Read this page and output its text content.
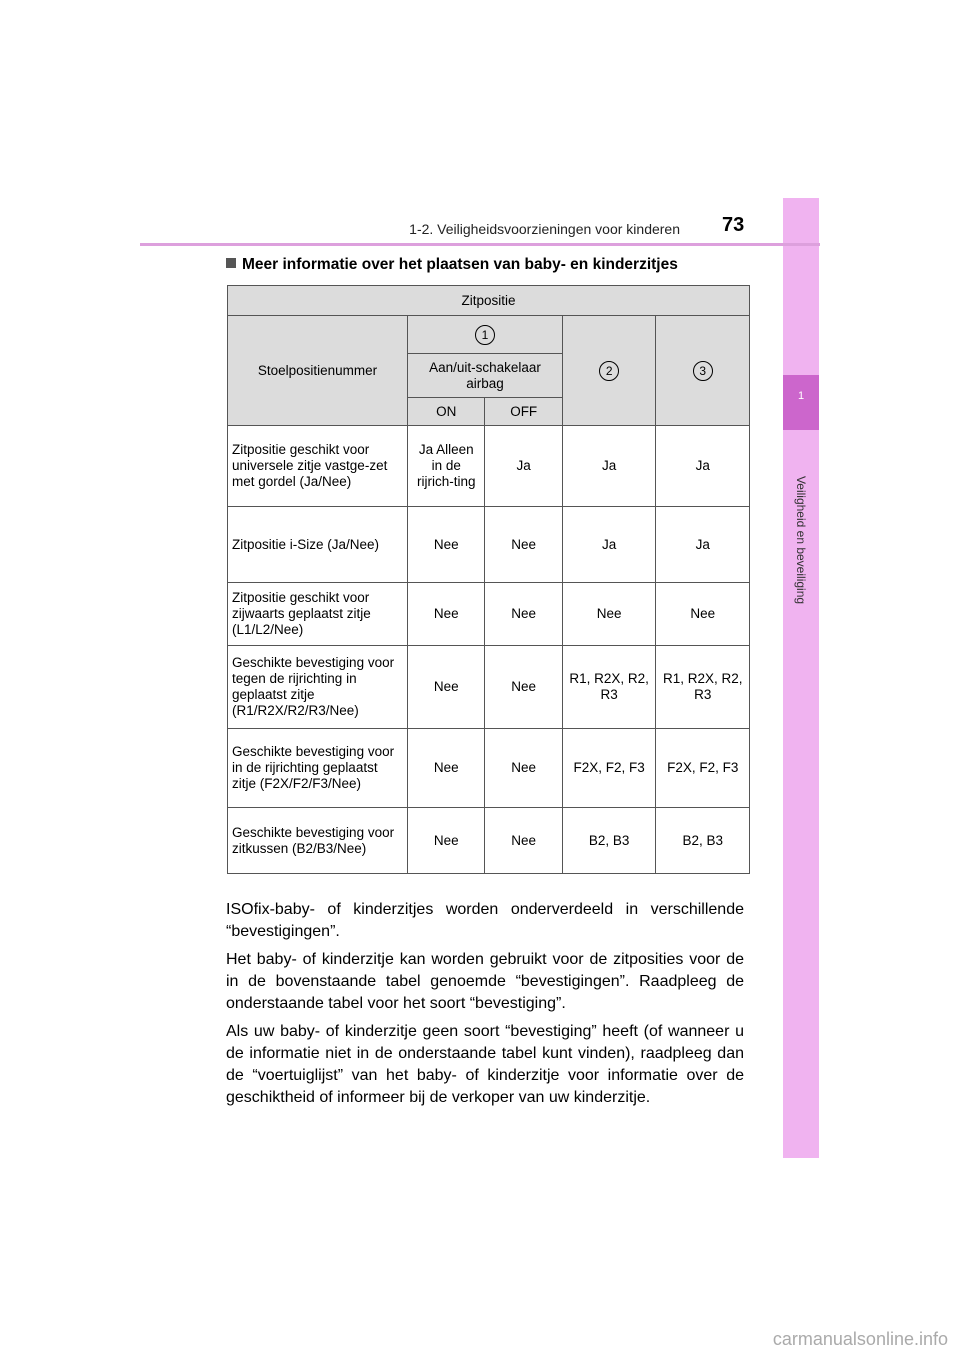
1
Veiligheid en beveiliging
1-2. Veiligheidsvoorzieningen voor kinderen 73
Meer informatie over het plaatsen van baby- en kinderzitjes
Zitpositie				
Stoelpositienummer	1		2	3
	Aan/uit-schakelaar airbag			
	ON	OFF		
Zitpositie geschikt voor universele zitje vastge-zet met gordel (Ja/Nee)	Ja Alleen in de rijrich-ting	Ja	Ja	Ja
Zitpositie i-Size (Ja/Nee)	Nee	Nee	Ja	Ja
Zitpositie geschikt voor zijwaarts geplaatst zitje (L1/L2/Nee)	Nee	Nee	Nee	Nee
Geschikte bevestiging voor tegen de rijrichting in geplaatst zitje (R1/R2X/R2/R3/Nee)	Nee	Nee	R1, R2X, R2, R3	R1, R2X, R2, R3
Geschikte bevestiging voor in de rijrichting geplaatst zitje (F2X/F2/F3/Nee)	Nee	Nee	F2X, F2, F3	F2X, F2, F3
Geschikte bevestiging voor zitkussen (B2/B3/Nee)	Nee	Nee	B2, B3	B2, B3

ISOfix-baby- of kinderzitjes worden onderverdeeld in verschillende “bevestigingen”.

Het baby- of kinderzitje kan worden gebruikt voor de zitposities voor de in de bovenstaande tabel genoemde “bevestigingen”. Raadpleeg de onderstaande tabel voor het soort “bevestiging”.

Als uw baby- of kinderzitje geen soort “bevestiging” heeft (of wanneer u de informatie niet in de onderstaande tabel kunt vinden), raadpleeg dan de “voertuiglijst” van het baby- of kinderzitje voor informatie over de geschiktheid of informeer bij de verkoper van uw kinderzitje.

carmanualsonline.info
